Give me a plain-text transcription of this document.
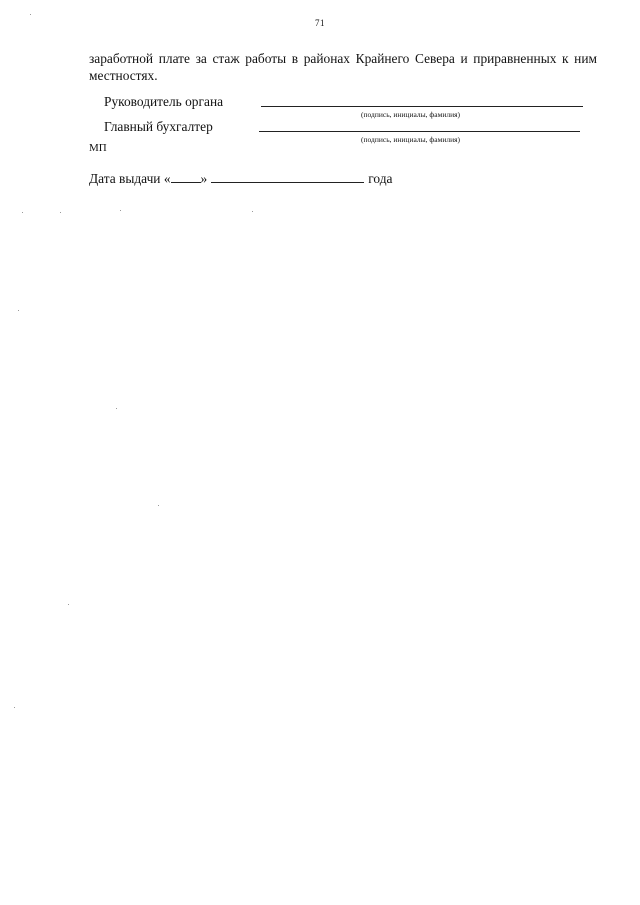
71
заработной плате за стаж работы в районах Крайнего Севера и приравненных к ним местностях.
Руководитель органа
(подпись, инициалы, фамилия)
Главный бухгалтер
(подпись, инициалы, фамилия)
МП
Дата выдачи « »	года
